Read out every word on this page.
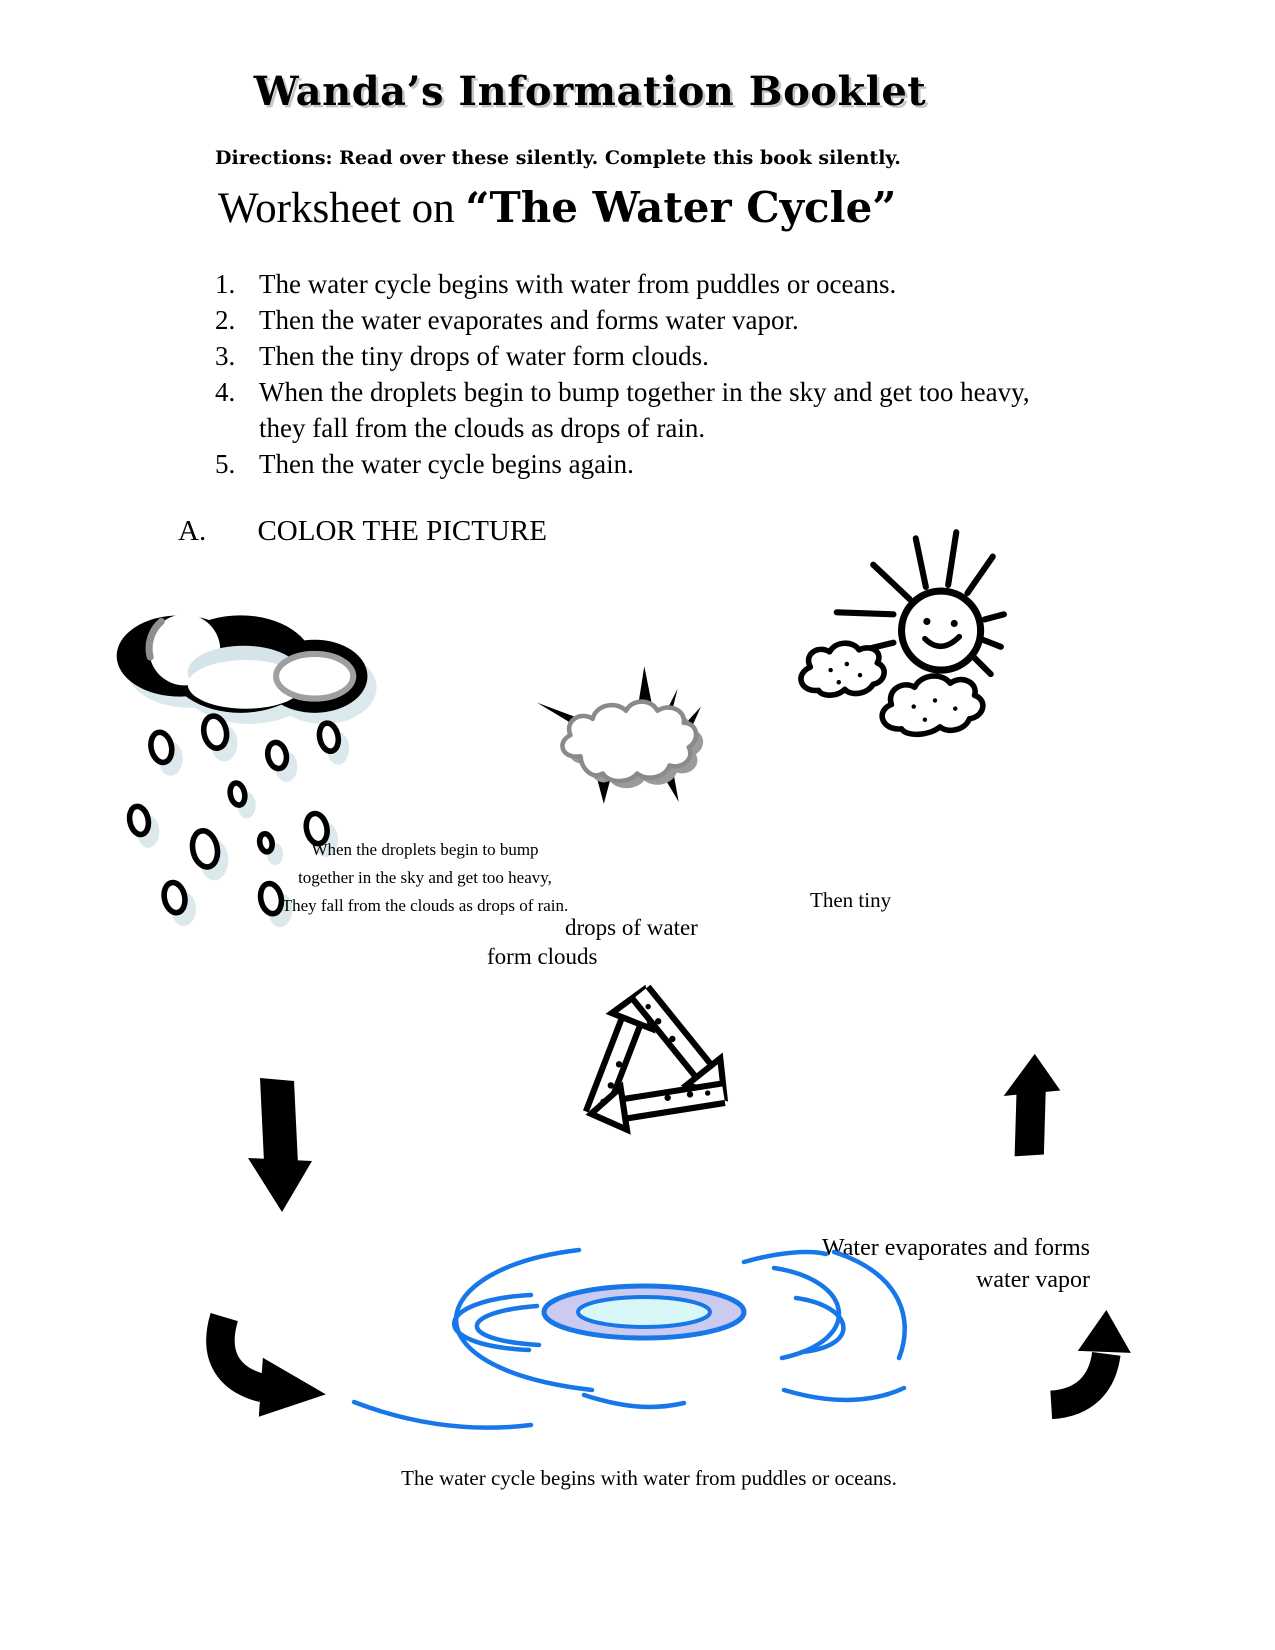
Wanda’s Information Booklet
Directions: Read over these silently. Complete this book silently.
Worksheet on “The Water Cycle”
1. The water cycle begins with water from puddles or oceans.
2. Then the water evaporates and forms water vapor.
3. Then the tiny drops of water form clouds.
4. When the droplets begin to bump together in the sky and get too heavy, they fall from the clouds as drops of rain.
5. Then the water cycle begins again.
A. COLOR THE PICTURE
When the droplets begin to bump
together in the sky and get too heavy,
They fall from the clouds as drops of rain.	Then tiny
drops of water
form clouds
Water evaporates and forms
water vapor
The water cycle begins with water from puddles or oceans.
